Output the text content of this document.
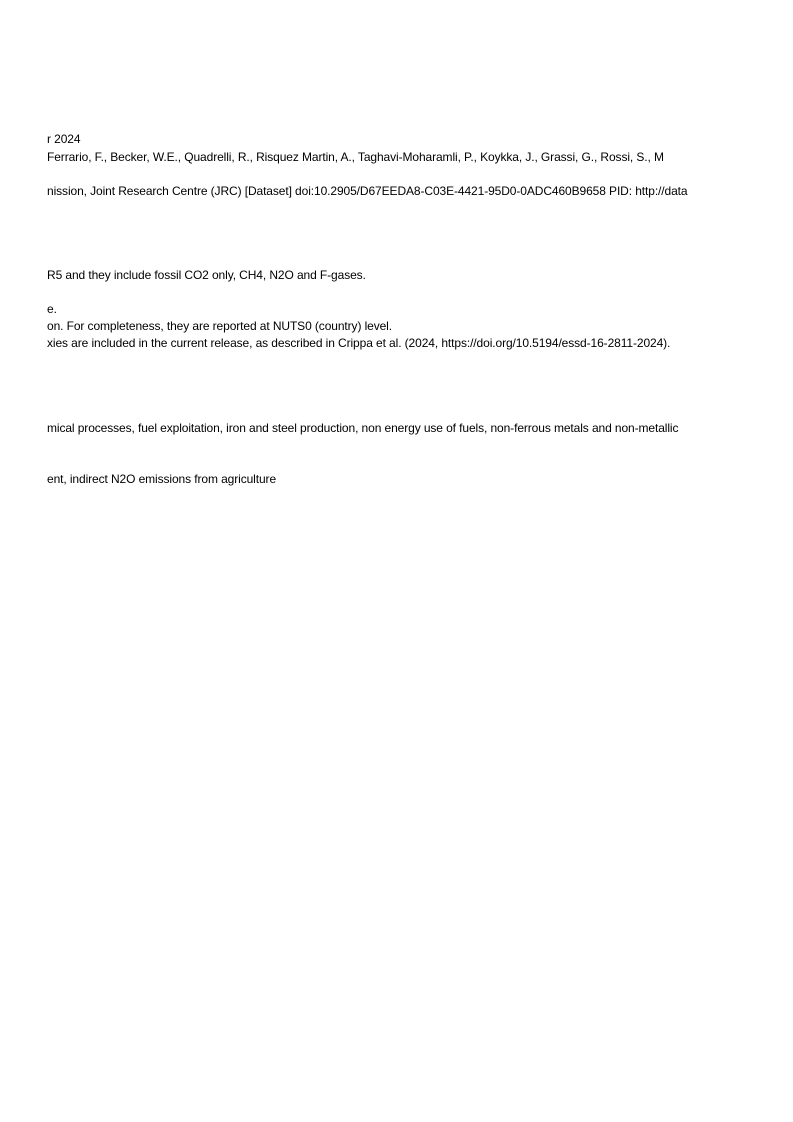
r 2024
Ferrario, F., Becker, W.E., Quadrelli, R., Risquez Martin, A., Taghavi-Moharamli, P., Koykka, J., Grassi, G., Rossi, S., M
nission, Joint Research Centre (JRC) [Dataset] doi:10.2905/D67EEDA8-C03E-4421-95D0-0ADC460B9658 PID: http://data
R5 and they include fossil CO2 only, CH4, N2O and F-gases.
e.
on. For completeness, they are reported at NUTS0 (country) level.
xies are included in the current release, as described in Crippa et al. (2024, https://doi.org/10.5194/essd-16-2811-2024).
mical processes, fuel exploitation, iron and steel production, non energy use of fuels, non-ferrous metals and non-metallic
ent, indirect N2O emissions from agriculture
